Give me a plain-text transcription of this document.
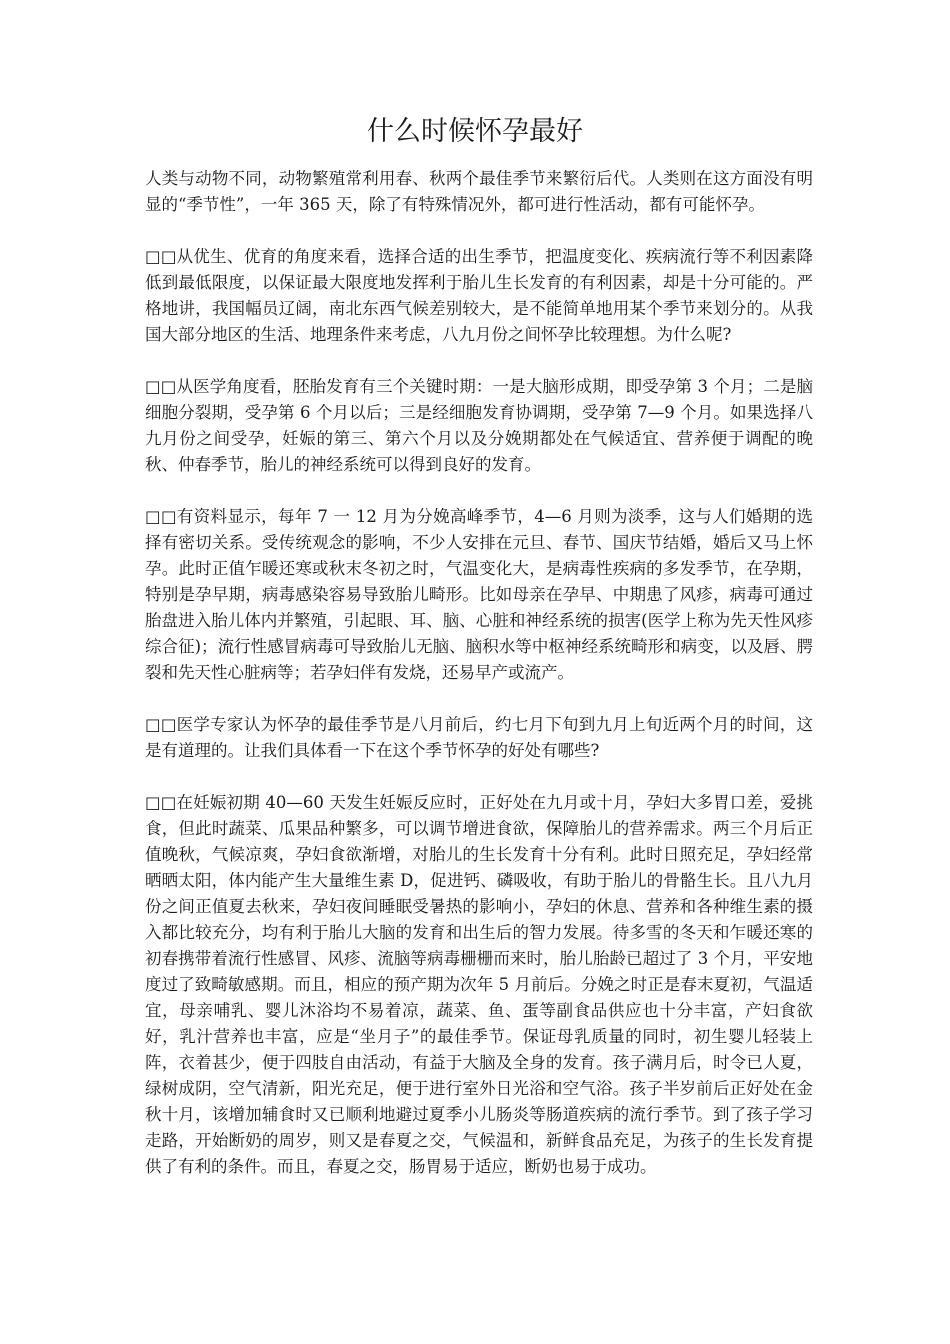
什么时候怀孕最好

人类与动物不同，动物繁殖常利用春、秋两个最佳季节来繁衍后代。人类则在这方面没有明显的“季节性”，一年 365 天，除了有特殊情况外，都可进行性活动，都有可能怀孕。

□□从优生、优育的角度来看，选择合适的出生季节，把温度变化、疾病流行等不利因素降低到最低限度，以保证最大限度地发挥利于胎儿生长发育的有利因素，却是十分可能的。严格地讲，我国幅员辽阔，南北东西气候差别较大，是不能简单地用某个季节来划分的。从我国大部分地区的生活、地理条件来考虑，八九月份之间怀孕比较理想。为什么呢?

□□从医学角度看，胚胎发育有三个关键时期：一是大脑形成期，即受孕第 3 个月；二是脑细胞分裂期，受孕第 6 个月以后；三是经细胞发育协调期，受孕第 7—9 个月。如果选择八九月份之间受孕，妊娠的第三、第六个月以及分娩期都处在气候适宜、营养便于调配的晚秋、仲春季节，胎儿的神经系统可以得到良好的发育。

□□有资料显示，每年 7 一 12 月为分娩高峰季节，4—6 月则为淡季，这与人们婚期的选择有密切关系。受传统观念的影响，不少人安排在元旦、春节、国庆节结婚，婚后又马上怀孕。此时正值乍暖还寒或秋末冬初之时，气温变化大，是病毒性疾病的多发季节，在孕期，特别是孕早期，病毒感染容易导致胎儿畸形。比如母亲在孕早、中期患了风疹，病毒可通过胎盘进入胎儿体内并繁殖，引起眼、耳、脑、心脏和神经系统的损害(医学上称为先天性风疹综合征)；流行性感冒病毒可导致胎儿无脑、脑积水等中枢神经系统畸形和病变，以及唇、腭裂和先天性心脏病等；若孕妇伴有发烧，还易早产或流产。

□□医学专家认为怀孕的最佳季节是八月前后，约七月下旬到九月上旬近两个月的时间，这是有道理的。让我们具体看一下在这个季节怀孕的好处有哪些?

□□在妊娠初期 40—60 天发生妊娠反应时，正好处在九月或十月，孕妇大多胃口差，爱挑食，但此时蔬菜、瓜果品种繁多，可以调节增进食欲，保障胎儿的营养需求。两三个月后正值晚秋，气候凉爽，孕妇食欲渐增，对胎儿的生长发育十分有利。此时日照充足，孕妇经常晒晒太阳，体内能产生大量维生素 D，促进钙、磷吸收，有助于胎儿的骨骼生长。且八九月份之间正值夏去秋来，孕妇夜间睡眠受暑热的影响小，孕妇的休息、营养和各种维生素的摄入都比较充分，均有利于胎儿大脑的发育和出生后的智力发展。待多雪的冬天和乍暖还寒的初春携带着流行性感冒、风疹、流脑等病毒栅栅而来时，胎儿胎龄已超过了 3 个月，平安地度过了致畸敏感期。而且，相应的预产期为次年 5 月前后。分娩之时正是春末夏初，气温适宜，母亲哺乳、婴儿沐浴均不易着凉，蔬菜、鱼、蛋等副食品供应也十分丰富，产妇食欲好，乳汁营养也丰富，应是“坐月子”的最佳季节。保证母乳质量的同时，初生婴儿轻装上阵，衣着甚少，便于四肢自由活动，有益于大脑及全身的发育。孩子满月后，时令已人夏，绿树成阴，空气清新，阳光充足，便于进行室外日光浴和空气浴。孩子半岁前后正好处在金秋十月，该增加辅食时又已顺利地避过夏季小儿肠炎等肠道疾病的流行季节。到了孩子学习走路，开始断奶的周岁，则又是春夏之交，气候温和，新鲜食品充足，为孩子的生长发育提供了有利的条件。而且，春夏之交，肠胃易于适应，断奶也易于成功。
